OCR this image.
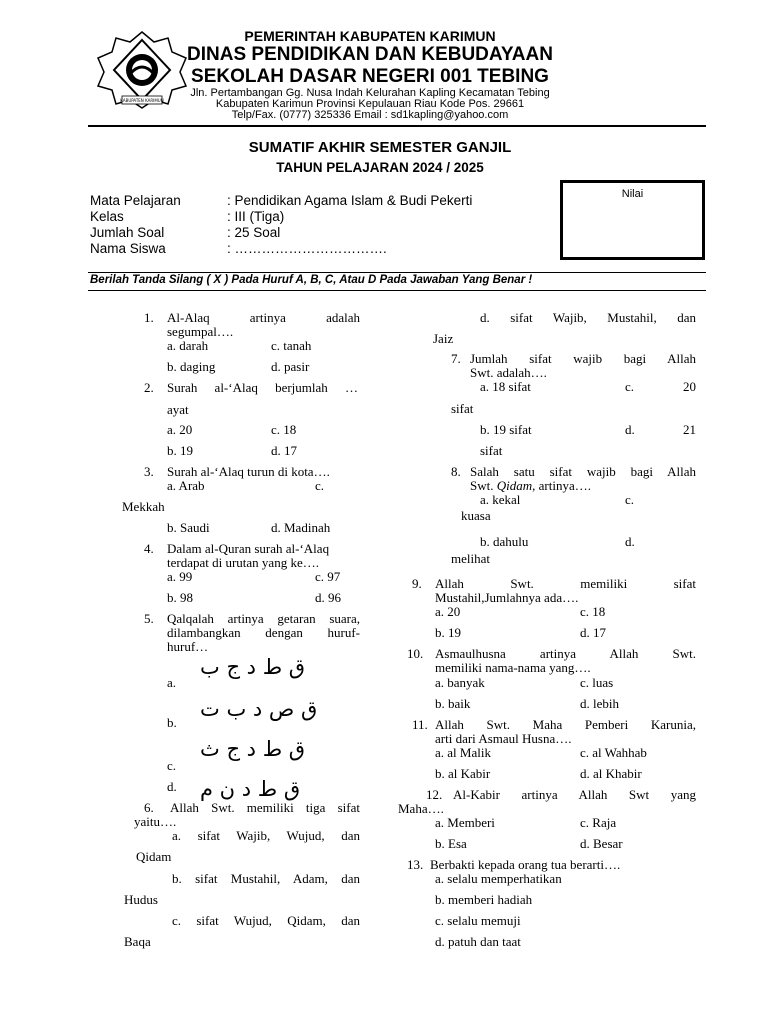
KABUPATEN KARIMUN
PEMERINTAH KABUPATEN KARIMUN
DINAS PENDIDIKAN DAN KEBUDAYAAN
SEKOLAH DASAR NEGERI 001 TEBING
Jln. Pertambangan Gg. Nusa Indah Kelurahan Kapling Kecamatan Tebing
Kabupaten Karimun Provinsi Kepulauan Riau Kode Pos. 29661
Telp/Fax. (0777) 325336 Email : sd1kapling@yahoo.com
SUMATIF AKHIR SEMESTER GANJIL
TAHUN PELAJARAN 2024 / 2025
Mata Pelajaran	: Pendidikan Agama Islam & Budi Pekerti
Kelas	: III (Tiga)
Jumlah Soal	: 25 Soal
Nama Siswa	: …………………………….
Nilai
Berilah Tanda Silang ( X ) Pada Huruf A, B, C, Atau D Pada Jawaban Yang Benar !
1. Al-Alaq artinya adalah
segumpal….
a. darah	c. tanah
b. daging	d. pasir
2. Surah al-‘Alaq berjumlah …
ayat
a. 20	c. 18
b. 19	d. 17
3. Surah al-‘Alaq turun di kota….
a. Arab	c.
Mekkah
b. Saudi	d. Madinah
4. Dalam al-Quran surah al-‘Alaq
terdapat di urutan yang ke….
a. 99	c. 97
b. 98	d. 96
5. Qalqalah artinya getaran suara,
dilambangkan dengan huruf-
huruf…
a.
ق ط د ج ب
b.
ق ص د ب ت
c.
ق ط د ج ث
d. ق ط د ن م
6. Allah Swt. memiliki tiga sifat
yaitu….
a. sifat Wajib, Wujud, dan
Qidam
b. sifat Mustahil, Adam, dan
Hudus
c. sifat Wujud, Qidam, dan
Baqa
d. sifat Wajib, Mustahil, dan
Jaiz
7. Jumlah sifat wajib bagi Allah
Swt. adalah….
a. 18 sifat	c. 20
sifat
b. 19 sifat	d. 21
sifat
8. Salah satu sifat wajib bagi Allah
Swt. Qidam, artinya….
a. kekal	c.
kuasa
b. dahulu	d.
melihat
9. Allah Swt. memiliki sifat
Mustahil,Jumlahnya ada….
a. 20	c. 18
b. 19	d. 17
10. Asmaulhusna artinya Allah Swt.
memiliki nama-nama yang….
a. banyak	c. luas
b. baik	d. lebih
11. Allah Swt. Maha Pemberi Karunia,
arti dari Asmaul Husna….
a. al Malik	c. al Wahhab
b. al Kabir	d. al Khabir
12. Al-Kabir artinya Allah Swt yang
Maha….
a. Memberi	c. Raja
b. Esa	d. Besar
13. Berbakti kepada orang tua berarti….
a. selalu memperhatikan
b. memberi hadiah
c. selalu memuji
d. patuh dan taat
